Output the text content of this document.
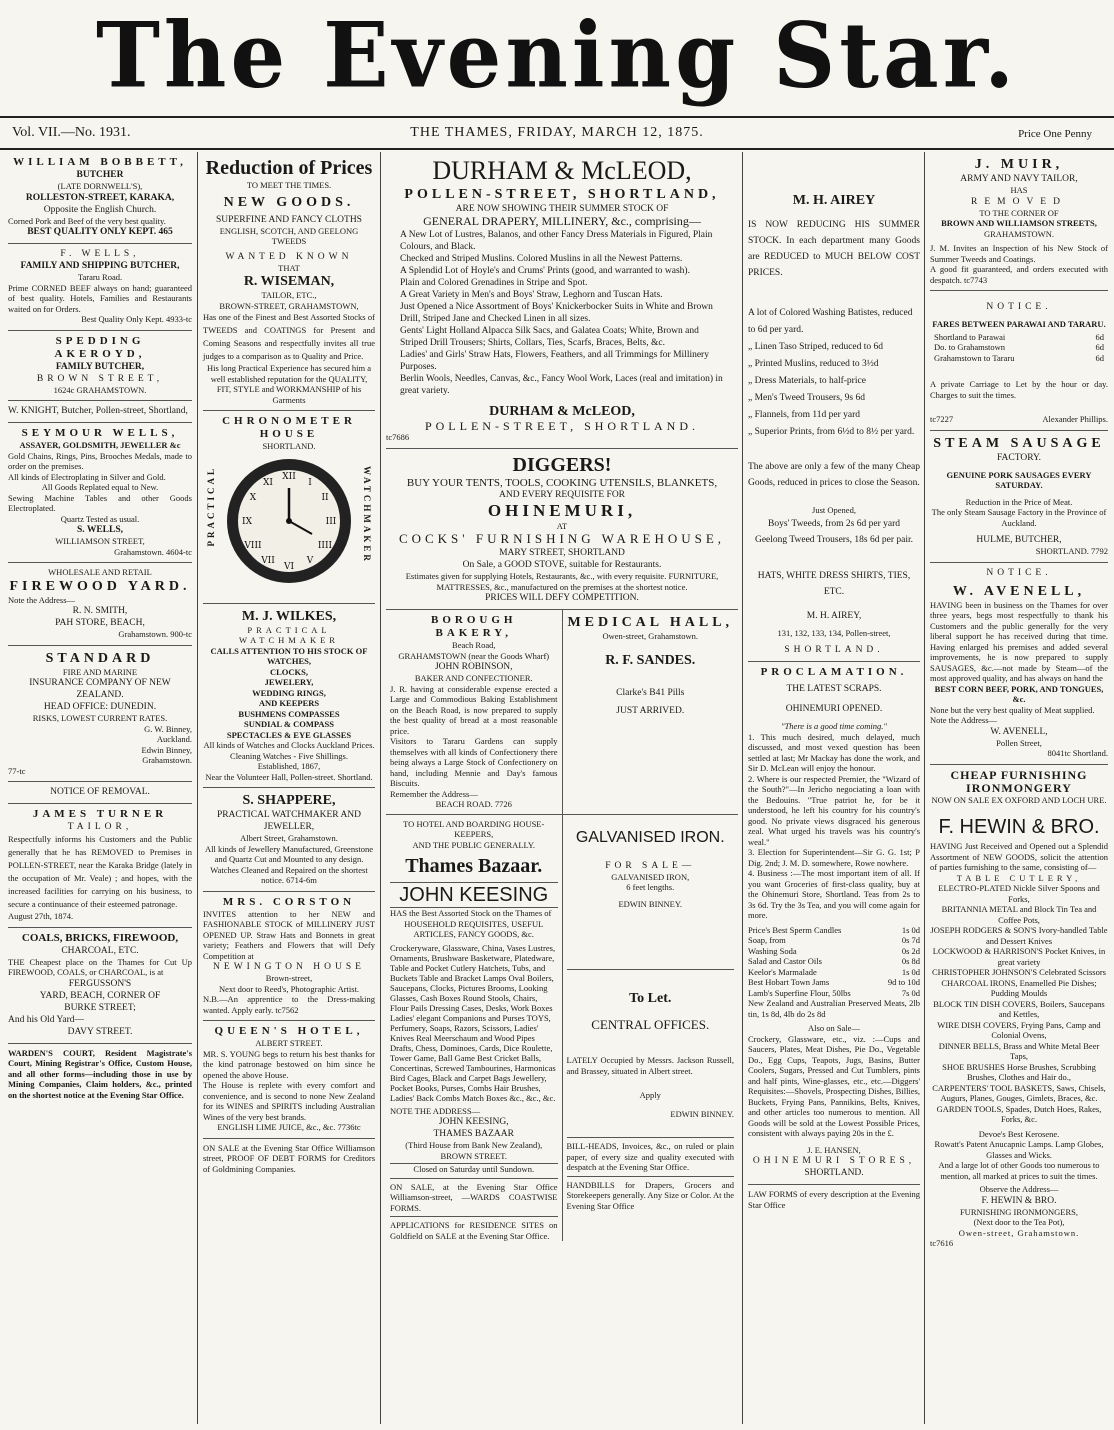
The Evening Star.
Vol. VII.—No. 1931.	THE THAMES, FRIDAY, MARCH 12, 1875.	Price One Penny
WILLIAM BOBBETT,
BUTCHER
(LATE DORNWELL'S),
ROLLESTON-STREET, KARAKA,
Opposite the English Church.
Corned Pork and Beef of the very best quality.
BEST QUALITY ONLY KEPT. 465
F. WELLS,
FAMILY AND SHIPPING BUTCHER,
Tararu Road.
Prime CORNED BEEF always on hand; guaranteed of best quality. Hotels, Families and Restaurants waited on for Orders.
Best Quality Only Kept. 4933-tc
SPEDDING AKEROYD,
FAMILY BUTCHER,
BROWN STREET,
1624c GRAHAMSTOWN.
W. KNIGHT, Butcher, Pollen-street, Shortland,
SEYMOUR WELLS,
ASSAYER, GOLDSMITH, JEWELLER &c
Gold Chains, Rings, Pins, Brooches Medals, made to order on the premises.
All kinds of Electroplating in Silver and Gold.
All Goods Replated equal to New.
Sewing Machine Tables and other Goods Electroplated.
Quartz Tested as usual.
S. WELLS,
WILLIAMSON STREET,
Grahamstown. 4604-tc
WHOLESALE AND RETAIL
FIREWOOD YARD.
Note the Address—
R. N. SMITH,
PAH STORE, BEACH,
Grahamstown. 900-tc
STANDARD
FIRE AND MARINE
INSURANCE COMPANY OF NEW ZEALAND.
HEAD OFFICE: DUNEDIN.
RISKS, LOWEST CURRENT RATES.
G. W. Binney,
Auckland.
Edwin Binney,
Grahamstown.
77-tc
NOTICE OF REMOVAL.
JAMES TURNER
TAILOR,
Respectfully informs his Customers and the Public generally that he has REMOVED to Premises in POLLEN-STREET, near the Karaka Bridge (lately in the occupation of Mr. Veale) ; and hopes, with the increased facilities for carrying on his business, to secure a continuance of their esteemed patronage.
August 27th, 1874.
COALS, BRICKS, FIREWOOD,
CHARCOAL, ETC.
THE Cheapest place on the Thames for Cut Up FIREWOOD, COALS, or CHARCOAL, is at
FERGUSSON'S
YARD, BEACH, CORNER OF
BURKE STREET;
And his Old Yard—
DAVY STREET.
WARDEN'S COURT, Resident Magistrate's Court, Mining Registrar's Office, Custom House, and all other forms—including those in use by Mining Companies, Claim holders, &c., printed on the shortest notice at the Evening Star Office.
Reduction of Prices
TO MEET THE TIMES.
NEW GOODS.
SUPERFINE AND FANCY CLOTHS
ENGLISH, SCOTCH, AND GEELONG TWEEDS
WANTED KNOWN
THAT
R. WISEMAN,
TAILOR, ETC.,
BROWN-STREET, GRAHAMSTOWN,
Has one of the Finest and Best Assorted Stocks of TWEEDS and COATINGS for Present and Coming Seasons and respectfully invites all true judges to a comparison as to Quality and Price.
His long Practical Experience has secured him a well established reputation for the QUALITY, FIT, STYLE and WORKMANSHIP of his Garments
CHRONOMETER HOUSE
SHORTLAND.
PRACTICAL	WATCHMAKER
XII
I
II
III
IIII
V
VI
VII
VIII
IX
X
XI
M. J. WILKES,
PRACTICAL WATCHMAKER
CALLS ATTENTION TO HIS STOCK OF WATCHES,
CLOCKS,
JEWELERY,
WEDDING RINGS,
AND KEEPERS
BUSHMENS COMPASSES
SUNDIAL & COMPASS
SPECTACLES & EYE GLASSES
All kinds of Watches and Clocks Auckland Prices.
Cleaning Watches - Five Shillings.
Established, 1867,
Near the Volunteer Hall, Pollen-street. Shortland.
S. SHAPPERE,
PRACTICAL WATCHMAKER AND JEWELLER,
Albert Street, Grahamstown.
All kinds of Jewellery Manufactured, Greenstone and Quartz Cut and Mounted to any design.
Watches Cleaned and Repaired on the shortest notice. 6714-6m
MRS. CORSTON
INVITES attention to her NEW and FASHIONABLE STOCK of MILLINERY JUST OPENED UP. Straw Hats and Bonnets in great variety; Feathers and Flowers that will Defy Competition at
NEWINGTON HOUSE
Brown-street,
Next door to Reed's, Photographic Artist.
N.B.—An apprentice to the Dress-making wanted. Apply early. tc7562
QUEEN'S HOTEL,
ALBERT STREET.
MR. S. YOUNG begs to return his best thanks for the kind patronage bestowed on him since he opened the above House.
The House is replete with every comfort and convenience, and is second to none New Zealand for its WINES and SPIRITS including Australian Wines of the very best brands.
ENGLISH LIME JUICE, &c., &c. 7736tc
ON SALE at the Evening Star Office Williamson street, PROOF OF DEBT FORMS for Creditors of Goldmining Companies.
DURHAM & McLEOD,
POLLEN-STREET, SHORTLAND,
ARE NOW SHOWING THEIR SUMMER STOCK OF
GENERAL DRAPERY, MILLINERY, &c., comprising—
A New Lot of Lustres, Balanos, and other Fancy Dress Materials in Figured, Plain Colours, and Black.
Checked and Striped Muslins. Colored Muslins in all the Newest Patterns.
A Splendid Lot of Hoyle's and Crums' Prints (good, and warranted to wash).
Plain and Colored Grenadines in Stripe and Spot.
A Great Variety in Men's and Boys' Straw, Leghorn and Tuscan Hats.
Just Opened a Nice Assortment of Boys' Knickerbocker Suits in White and Brown Drill, Striped Jane and Checked Linen in all sizes.
Gents' Light Holland Alpacca Silk Sacs, and Galatea Coats; White, Brown and Striped Drill Trousers; Shirts, Collars, Ties, Scarfs, Braces, Belts, &c.
Ladies' and Girls' Straw Hats, Flowers, Feathers, and all Trimmings for Millinery Purposes.
Berlin Wools, Needles, Canvas, &c., Fancy Wool Work, Laces (real and imitation) in great variety.
DURHAM & McLEOD,
POLLEN-STREET, SHORTLAND.
tc7686
DIGGERS!
BUY YOUR TENTS, TOOLS, COOKING UTENSILS, BLANKETS,
AND EVERY REQUISITE FOR
OHINEMURI,
AT
COCKS' FURNISHING WAREHOUSE,
MARY STREET, SHORTLAND
On Sale, a GOOD STOVE, suitable for Restaurants.
Estimates given for supplying Hotels, Restaurants, &c., with every requisite. FURNITURE, MATTRESSES, &c., manufactured on the premises at the shortest notice.
PRICES WILL DEFY COMPETITION.
BOROUGH BAKERY,
Beach Road,
GRAHAMSTOWN (near the Goods Wharf)
JOHN ROBINSON,
BAKER AND CONFECTIONER.
J. R. having at considerable expense erected a Large and Commodious Baking Establishment on the Beach Road, is now prepared to supply the best quality of bread at a most reasonable price.
Visitors to Tararu Gardens can supply themselves with all kinds of Confectionery there being always a Large Stock of Confectionery on hand, including Mennie and Day's famous Biscuits.
Remember the Address—
BEACH ROAD. 7726
MEDICAL HALL,
Owen-street, Grahamstown.
R. F. SANDES.
Clarke's B41 Pills
JUST ARRIVED.
TO HOTEL AND BOARDING HOUSE-KEEPERS,
AND THE PUBLIC GENERALLY.
Thames Bazaar.
JOHN KEESING
HAS the Best Assorted Stock on the Thames of
HOUSEHOLD REQUISITES, USEFUL ARTICLES, FANCY GOODS, &c.
Crockeryware, Glassware, China, Vases Lustres, Ornaments, Brushware Basketware, Platedware, Table and Pocket Cutlery Hatchets, Tubs, and Buckets Table and Bracket Lamps Oval Boilers, Saucepans, Clocks, Pictures Brooms, Looking Glasses, Cash Boxes Round Stools, Chairs, Flour Pails Dressing Cases, Desks, Work Boxes Ladies' elegant Companions and Purses TOYS, Perfumery, Soaps, Razors, Scissors, Ladies' Knives Real Meerschaum and Wood Pipes Drafts, Chess, Dominoes, Cards, Dice Roulette, Tower Game, Ball Game Best Cricket Balls, Concertinas, Screwed Tambourines, Harmonicas Bird Cages, Black and Carpet Bags Jewellery, Pocket Books, Purses, Combs Hair Brushes, Ladies' Back Combs Match Boxes &c., &c., &c.
NOTE THE ADDRESS—
JOHN KEESING,
THAMES BAZAAR
(Third House from Bank New Zealand),
BROWN STREET.
Closed on Saturday until Sundown.
ON SALE, at the Evening Star Office Williamson-street, —WARDS COASTWISE FORMS.
APPLICATIONS for RESIDENCE SITES on Goldfield on SALE at the Evening Star Office.
GALVANISED IRON.
FOR SALE—
GALVANISED IRON,
6 feet lengths.
EDWIN BINNEY.
To Let.
CENTRAL OFFICES.
LATELY Occupied by Messrs. Jackson Russell, and Brassey, situated in Albert street.
Apply
EDWIN BINNEY.
BILL-HEADS, Invoices, &c., on ruled or plain paper, of every size and quality executed with despatch at the Evening Star Office.
HANDBILLS for Drapers, Grocers and Storekeepers generally. Any Size or Color. At the Evening Star Office
M. H. AIREY
IS NOW REDUCING HIS SUMMER STOCK. In each department many Goods are REDUCED to MUCH BELOW COST PRICES.
A lot of Colored Washing Batistes, reduced to 6d per yard.
„ Linen Taso Striped, reduced to 6d
„ Printed Muslins, reduced to 3½d
„ Dress Materials, to half-price
„ Men's Tweed Trousers, 9s 6d
„ Flannels, from 11d per yard
„ Superior Prints, from 6½d to 8½ per yard.
The above are only a few of the many Cheap Goods, reduced in prices to close the Season.
Just Opened,
Boys' Tweeds, from 2s 6d per yard
Geelong Tweed Trousers, 18s 6d per pair.
HATS, WHITE DRESS SHIRTS, TIES, ETC.
M. H. AIREY,
131, 132, 133, 134, Pollen-street,
SHORTLAND.
PROCLAMATION.
THE LATEST SCRAPS.
OHINEMURI OPENED.
"There is a good time coming."
1. This much desired, much delayed, much discussed, and most vexed question has been settled at last; Mr Mackay has done the work, and Sir D. McLean will enjoy the honour.
2. Where is our respected Premier, the "Wizard of the South?"—In Jericho negociating a loan with the Bedouins. "True patriot he, for be it understood, he left his country for his country's good. No private views disgraced his generous zeal. What urged his travels was his country's weal."
3. Election for Superintendent—Sir G. G. 1st; P Dig. 2nd; J. M. D. somewhere, Rowe nowhere.
4. Business :—The most important item of all. If you want Groceries of first-class quality, buy at the Ohinemuri Store, Shortland. Teas from 2s to 3s 6d. Try the 3s Tea, and you will come again for more.
Price's Best Sperm Candles	1s 0d
Soap, from	0s 7d
Washing Soda	0s 2d
Salad and Castor Oils	0s 8d
Keelor's Marmalade	1s 0d
Best Hobart Town Jams	9d to 10d
Lamb's Superfine Flour, 50lbs	7s 0d
New Zealand and Australian Preserved Meats, 2lb tin, 1s 8d, 4lb do 2s 8d
Also on Sale—
Crockery, Glassware, etc., viz. :—Cups and Saucers, Plates, Meat Dishes, Pie Do., Vegetable Do., Egg Cups, Teapots, Jugs, Basins, Butter Coolers, Sugars, Pressed and Cut Tumblers, pints and half pints, Wine-glasses, etc., etc.—Diggers' Requisites:—Shovels, Prospecting Dishes, Billies, Buckets, Frying Pans, Pannikins, Belts, Knives, and other articles too numerous to mention. All Goods will be sold at the Lowest Possible Prices, consistent with always paying 20s in the £.
J. E. HANSEN,
OHINEMURI STORES,
SHORTLAND.
LAW FORMS of every description at the Evening Star Office
J. MUIR,
ARMY AND NAVY TAILOR,
HAS
REMOVED
TO THE CORNER OF
BROWN AND WILLIAMSON STREETS,
GRAHAMSTOWN.
J. M. Invites an Inspection of his New Stock of Summer Tweeds and Coatings.
A good fit guaranteed, and orders executed with despatch. tc7743
NOTICE.
FARES BETWEEN PARAWAI AND TARARU.
Shortland to Parawai	6d
Do. to Grahamstown	6d
Grahamstown to Tararu	6d
A private Carriage to Let by the hour or day. Charges to suit the times.
tc7227	Alexander Phillips.
STEAM SAUSAGE
FACTORY.
GENUINE PORK SAUSAGES EVERY SATURDAY.
Reduction in the Price of Meat.
The only Steam Sausage Factory in the Province of Auckland.
HULME, BUTCHER,
SHORTLAND. 7792
NOTICE.
W. AVENELL,
HAVING been in business on the Thames for over three years, begs most respectfully to thank his Customers and the public generally for the very liberal support he has received during that time. Having enlarged his premises and added several improvements, he is now prepared to supply SAUSAGES, &c.—not made by Steam—of the most approved quality, and has always on hand the
BEST CORN BEEF, PORK, AND TONGUES, &c.
None but the very best quality of Meat supplied.
Note the Address—
W. AVENELL,
Pollen Street,
8041tc Shortland.
CHEAP FURNISHING IRONMONGERY
NOW ON SALE EX OXFORD AND LOCH URE.
F. HEWIN & BRO.
HAVING Just Received and Opened out a Splendid Assortment of NEW GOODS, solicit the attention of parties furnishing to the same, consisting of—
TABLE CUTLERY,
ELECTRO-PLATED Nickle Silver Spoons and Forks,
BRITANNIA METAL and Block Tin Tea and Coffee Pots,
JOSEPH RODGERS & SON'S Ivory-handled Table and Dessert Knives
LOCKWOOD & HARRISON'S Pocket Knives, in great variety
CHRISTOPHER JOHNSON'S Celebrated Scissors
CHARCOAL IRONS, Enamelled Pie Dishes; Pudding Moulds
BLOCK TIN DISH COVERS, Boilers, Saucepans and Kettles,
WIRE DISH COVERS, Frying Pans, Camp and Colonial Ovens,
DINNER BELLS, Brass and White Metal Beer Taps,
SHOE BRUSHES Horse Brushes, Scrubbing Brushes, Clothes and Hair do.,
CARPENTERS' TOOL BASKETS, Saws, Chisels, Augurs, Planes, Gouges, Gimlets, Braces, &c.
GARDEN TOOLS, Spades, Dutch Hoes, Rakes, Forks, &c.
Devoe's Best Kerosene.
Rowatt's Patent Anucapnic Lamps. Lamp Globes, Glasses and Wicks.
And a large lot of other Goods too numerous to mention, all marked at prices to suit the times.
Observe the Address—
F. HEWIN & BRO.
FURNISHING IRONMONGERS,
(Next door to the Tea Pot),
Owen-street, Grahamstown.
tc7616
